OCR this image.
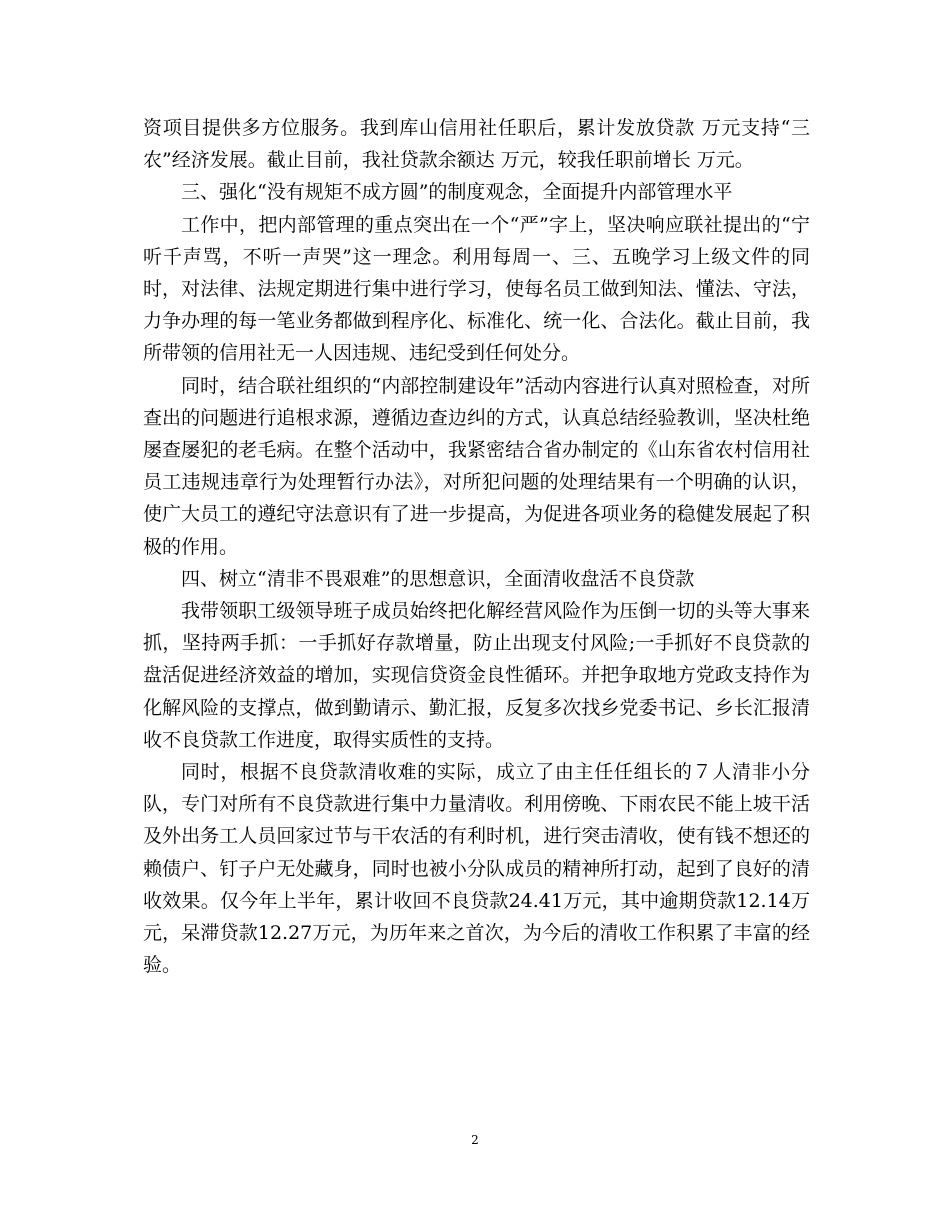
资项目提供多方位服务。我到库山信用社任职后，累计发放贷款 万元支持“三农”经济发展。截止目前，我社贷款余额达 万元，较我任职前增长 万元。

三、强化“没有规矩不成方圆”的制度观念，全面提升内部管理水平

工作中，把内部管理的重点突出在一个“严”字上，坚决响应联社提出的“宁听千声骂，不听一声哭”这一理念。利用每周一、三、五晚学习上级文件的同时，对法律、法规定期进行集中进行学习，使每名员工做到知法、懂法、守法，力争办理的每一笔业务都做到程序化、标准化、统一化、合法化。截止目前，我所带领的信用社无一人因违规、违纪受到任何处分。

同时，结合联社组织的“内部控制建设年”活动内容进行认真对照检查，对所查出的问题进行追根求源，遵循边查边纠的方式，认真总结经验教训，坚决杜绝屡查屡犯的老毛病。在整个活动中，我紧密结合省办制定的《山东省农村信用社员工违规违章行为处理暂行办法》，对所犯问题的处理结果有一个明确的认识，使广大员工的遵纪守法意识有了进一步提高，为促进各项业务的稳健发展起了积极的作用。

四、树立“清非不畏艰难”的思想意识，全面清收盘活不良贷款

我带领职工级领导班子成员始终把化解经营风险作为压倒一切的头等大事来抓，坚持两手抓：一手抓好存款增量，防止出现支付风险;一手抓好不良贷款的盘活促进经济效益的增加，实现信贷资金良性循环。并把争取地方党政支持作为化解风险的支撑点，做到勤请示、勤汇报，反复多次找乡党委书记、乡长汇报清收不良贷款工作进度，取得实质性的支持。

同时，根据不良贷款清收难的实际，成立了由主任任组长的７人清非小分队，专门对所有不良贷款进行集中力量清收。利用傍晚、下雨农民不能上坡干活及外出务工人员回家过节与干农活的有利时机，进行突击清收，使有钱不想还的赖债户、钉子户无处藏身，同时也被小分队成员的精神所打动，起到了良好的清收效果。仅今年上半年，累计收回不良贷款24.41万元，其中逾期贷款12.14万元，呆滞贷款12.27万元，为历年来之首次，为今后的清收工作积累了丰富的经验。

2
